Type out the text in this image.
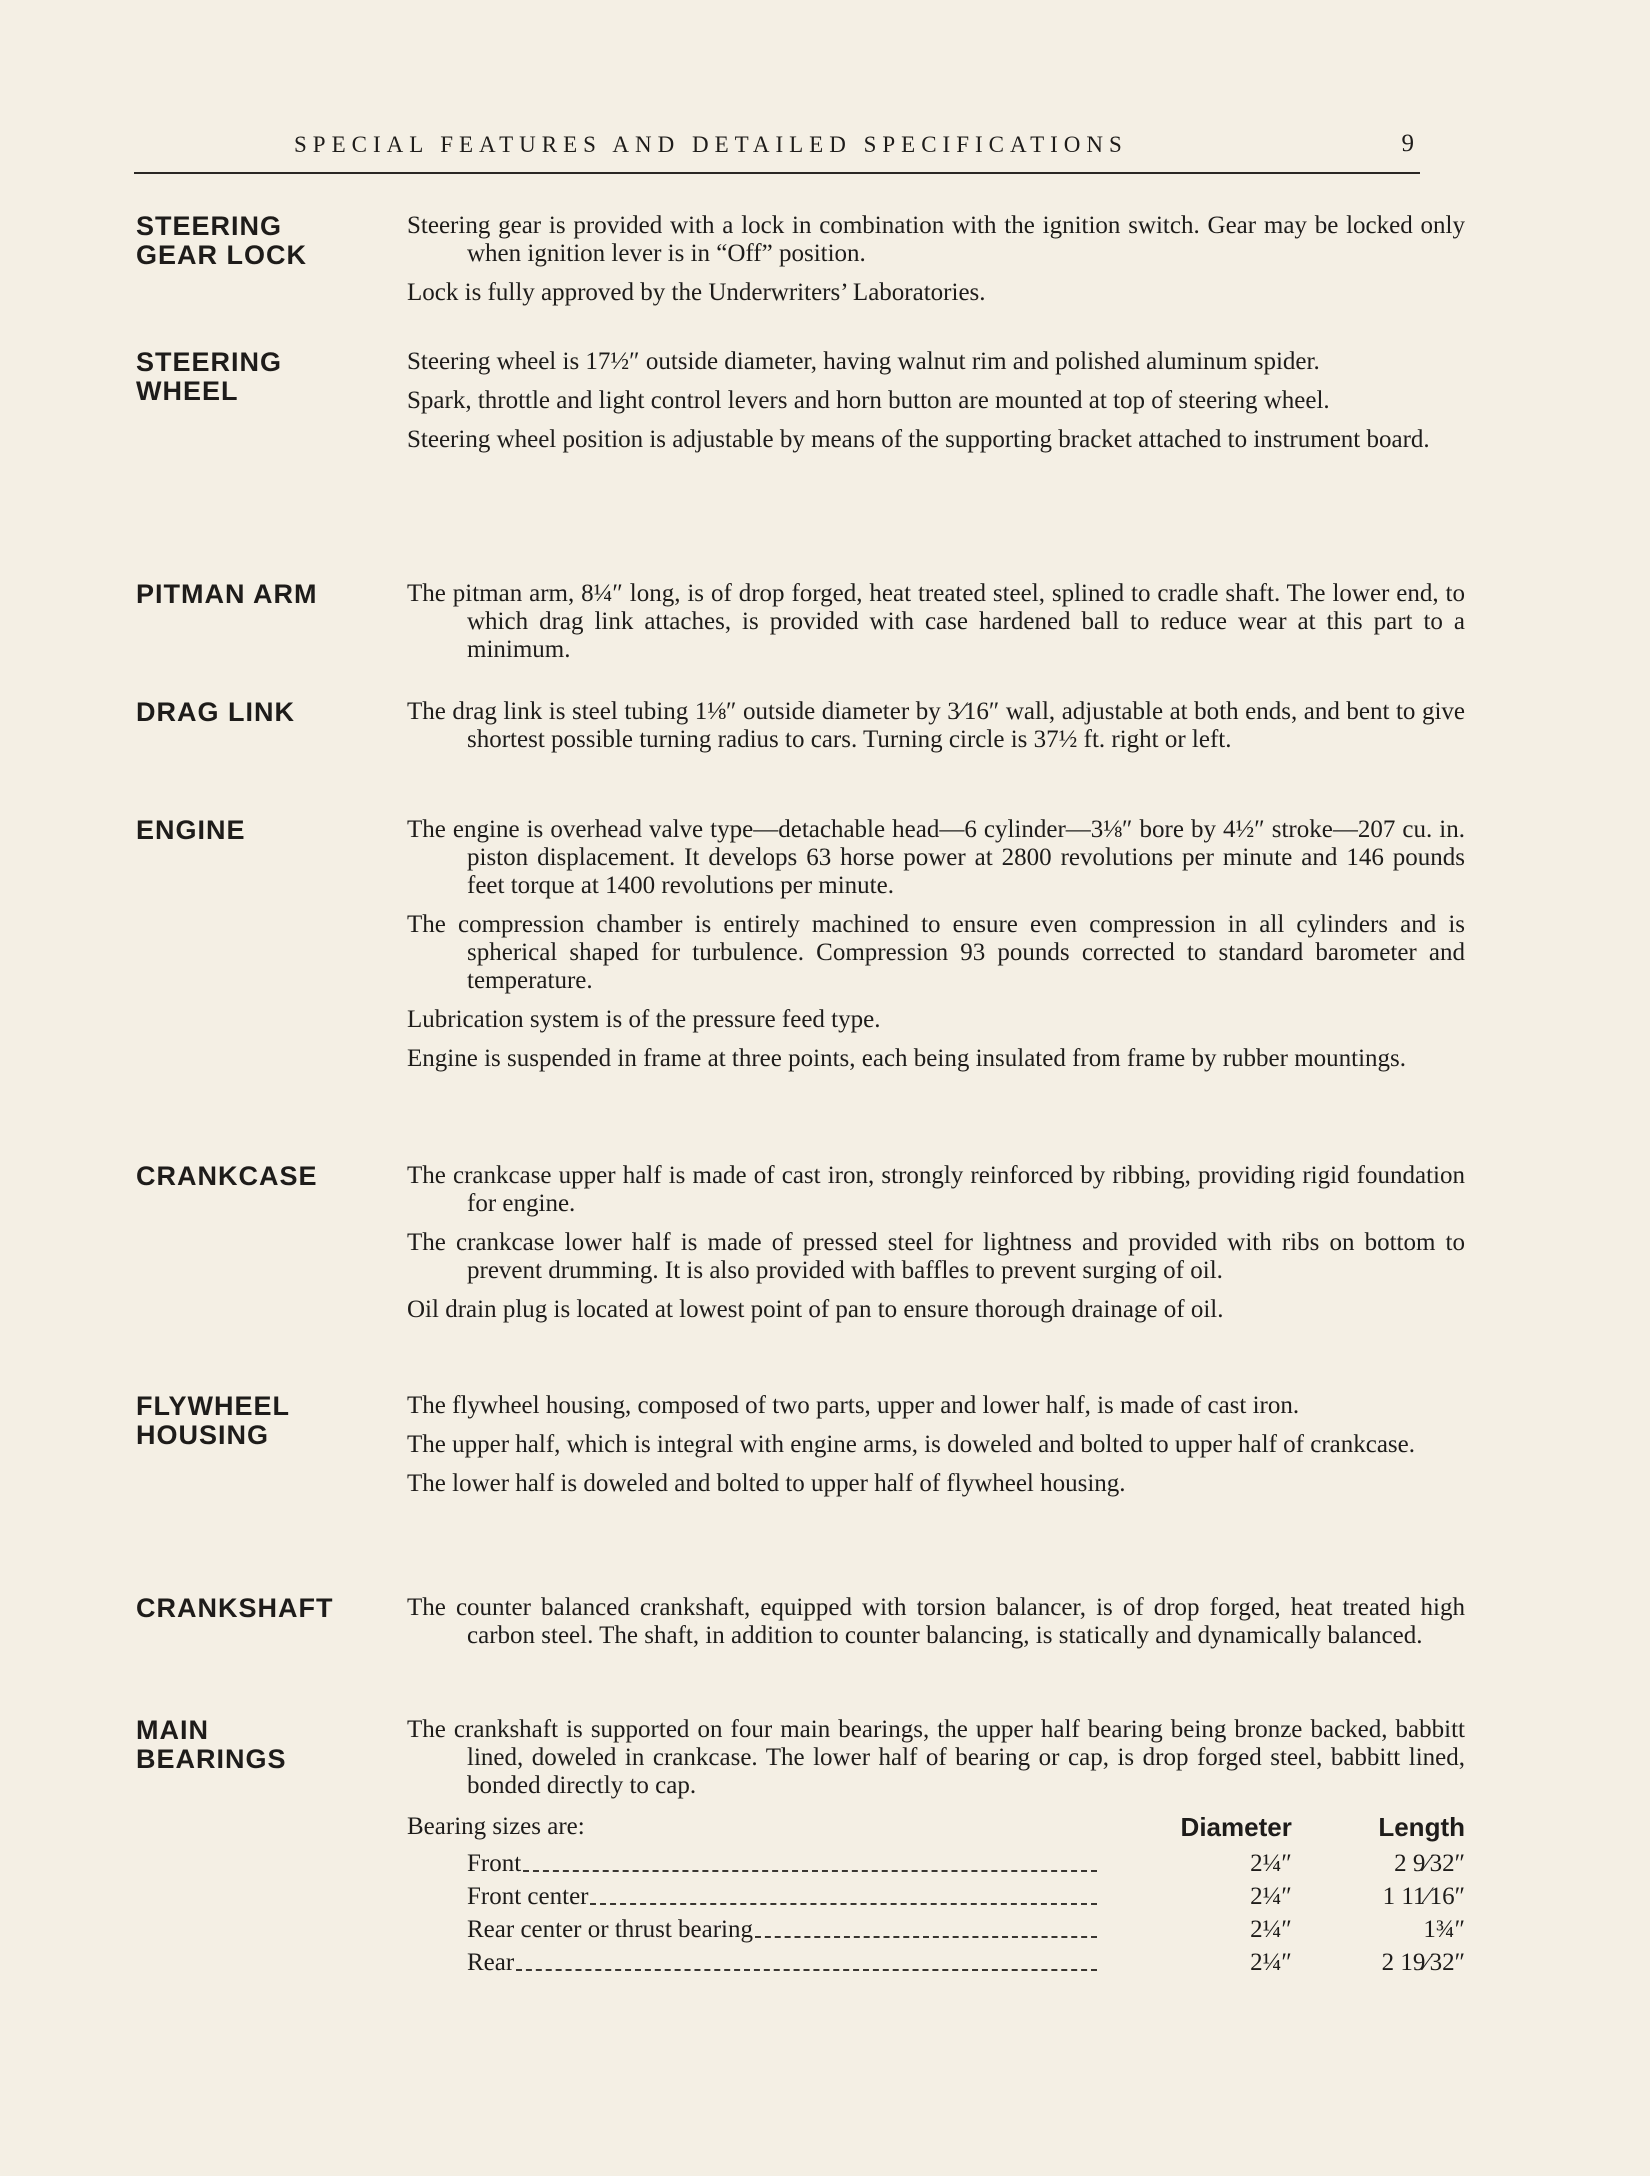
SPECIAL FEATURES AND DETAILED SPECIFICATIONS	9
STEERING
GEAR LOCK

Steering gear is provided with a lock in combination with the ignition switch. Gear may be locked only when ignition lever is in “Off” position.

Lock is fully approved by the Underwriters’ Laboratories.

STEERING
WHEEL

Steering wheel is 17½″ outside diameter, having walnut rim and polished aluminum spider.

Spark, throttle and light control levers and horn button are mounted at top of steering wheel.

Steering wheel position is adjustable by means of the supporting bracket attached to instrument board.

PITMAN ARM	The pitman arm, 8¼″ long, is of drop forged, heat treated steel, splined to cradle shaft. The lower end, to which drag link attaches, is provided with case hardened ball to reduce wear at this part to a minimum.

DRAG LINK	The drag link is steel tubing 1⅛″ outside diameter by 3⁄16″ wall, adjustable at both ends, and bent to give shortest possible turning radius to cars. Turning circle is 37½ ft. right or left.

ENGINE	The engine is overhead valve type—detachable head—6 cylinder—3⅛″ bore by 4½″ stroke—207 cu. in. piston displacement. It develops 63 horse power at 2800 revolutions per minute and 146 pounds feet torque at 1400 revolutions per minute.

The compression chamber is entirely machined to ensure even compression in all cylinders and is spherical shaped for turbulence. Compression 93 pounds corrected to standard barometer and temperature.

Lubrication system is of the pressure feed type.

Engine is suspended in frame at three points, each being insulated from frame by rubber mountings.

CRANKCASE	The crankcase upper half is made of cast iron, strongly reinforced by ribbing, providing rigid foundation for engine.

The crankcase lower half is made of pressed steel for lightness and provided with ribs on bottom to prevent drumming. It is also provided with baffles to prevent surging of oil.

Oil drain plug is located at lowest point of pan to ensure thorough drainage of oil.

FLYWHEEL
HOUSING

The flywheel housing, composed of two parts, upper and lower half, is made of cast iron.

The upper half, which is integral with engine arms, is doweled and bolted to upper half of crankcase.

The lower half is doweled and bolted to upper half of flywheel housing.

CRANKSHAFT	The counter balanced crankshaft, equipped with torsion balancer, is of drop forged, heat treated high carbon steel. The shaft, in addition to counter balancing, is statically and dynamically balanced.

MAIN
BEARINGS

The crankshaft is supported on four main bearings, the upper half bearing being bronze backed, babbitt lined, doweled in crankcase. The lower half of bearing or cap, is drop forged steel, babbitt lined, bonded directly to cap.

Bearing sizes are:	Diameter	Length

Front	2¼″	2 9⁄32″

Front center	2¼″	1 11⁄16″

Rear center or thrust bearing	2¼″	1¾″

Rear	2¼″	2 19⁄32″
